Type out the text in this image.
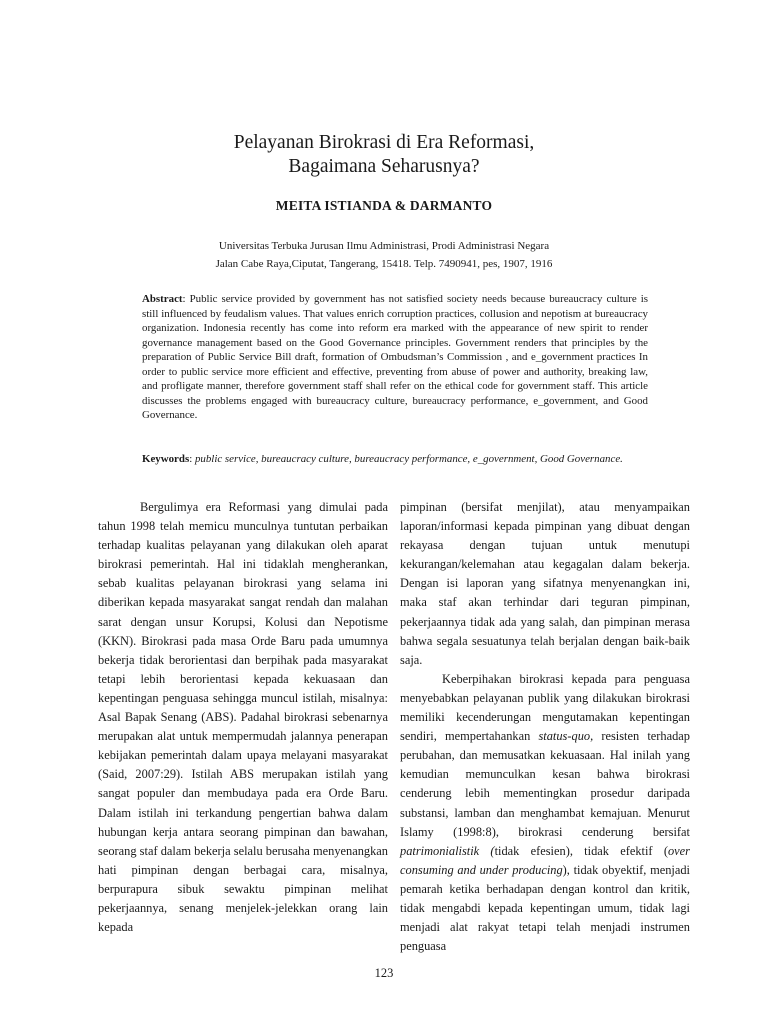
Pelayanan Birokrasi di Era Reformasi,
Bagaimana Seharusnya?
MEITA ISTIANDA & DARMANTO
Universitas Terbuka Jurusan Ilmu Administrasi, Prodi Administrasi Negara
Jalan Cabe Raya,Ciputat, Tangerang, 15418. Telp. 7490941, pes, 1907, 1916

Abstract: Public service provided by government has not satisfied society needs because bureaucracy culture is still influenced by feudalism values. That values enrich corruption practices, collusion and nepotism at bureaucracy organization. Indonesia recently has come into reform era marked with the appearance of new spirit to render governance management based on the Good Governance principles. Government renders that principles by the preparation of Public Service Bill draft, formation of Ombudsman’s Commission , and e_government practices In order to public service more efficient and effective, preventing from abuse of power and authority, breaking law, and profligate manner, therefore government staff shall refer on the ethical code for government staff. This article discusses the problems engaged with bureaucracy culture, bureaucracy performance, e_government, and Good Governance.

Keywords: public service, bureaucracy culture, bureaucracy performance, e_government, Good Governance.

Bergulimya era Reformasi yang dimulai pada tahun 1998 telah memicu munculnya tuntutan perbaikan terhadap kualitas pelayanan yang dilakukan oleh aparat birokrasi pemerintah. Hal ini tidaklah mengherankan, sebab kualitas pelayanan birokrasi yang selama ini diberikan kepada masyarakat sangat rendah dan malahan sarat dengan unsur Korupsi, Kolusi dan Nepotisme (KKN). Birokrasi pada masa Orde Baru pada umumnya bekerja tidak berorientasi dan berpihak pada masyarakat tetapi lebih berorientasi kepada kekuasaan dan kepentingan penguasa sehingga muncul istilah, misalnya: Asal Bapak Senang (ABS). Padahal birokrasi sebenarnya merupakan alat untuk mempermudah jalannya penerapan kebijakan pemerintah dalam upaya melayani masyarakat (Said, 2007:29). Istilah ABS merupakan istilah yang sangat populer dan membudaya pada era Orde Baru. Dalam istilah ini terkandung pengertian bahwa dalam hubungan kerja antara seorang pimpinan dan bawahan, seorang staf dalam bekerja selalu berusaha menyenangkan hati pimpinan dengan berbagai cara, misalnya, berpurapura sibuk sewaktu pimpinan melihat pekerjaannya, senang menjelek-jelekkan orang lain kepada

pimpinan (bersifat menjilat), atau menyampaikan laporan/informasi kepada pimpinan yang dibuat dengan rekayasa dengan tujuan untuk menutupi kekurangan/kelemahan atau kegagalan dalam bekerja. Dengan isi laporan yang sifatnya menyenangkan ini, maka staf akan terhindar dari teguran pimpinan, pekerjaannya tidak ada yang salah, dan pimpinan merasa bahwa segala sesuatunya telah berjalan dengan baik-baik saja.

Keberpihakan birokrasi kepada para penguasa menyebabkan pelayanan publik yang dilakukan birokrasi memiliki kecenderungan mengutamakan kepentingan sendiri, mempertahankan status-quo, resisten terhadap perubahan, dan memusatkan kekuasaan. Hal inilah yang kemudian memunculkan kesan bahwa birokrasi cenderung lebih mementingkan prosedur daripada substansi, lamban dan menghambat kemajuan. Menurut Islamy (1998:8), birokrasi cenderung bersifat patrimonialistik (tidak efesien), tidak efektif (over consuming and under producing), tidak obyektif, menjadi pemarah ketika berhadapan dengan kontrol dan kritik, tidak mengabdi kepada kepentingan umum, tidak lagi menjadi alat rakyat tetapi telah menjadi instrumen penguasa

123
